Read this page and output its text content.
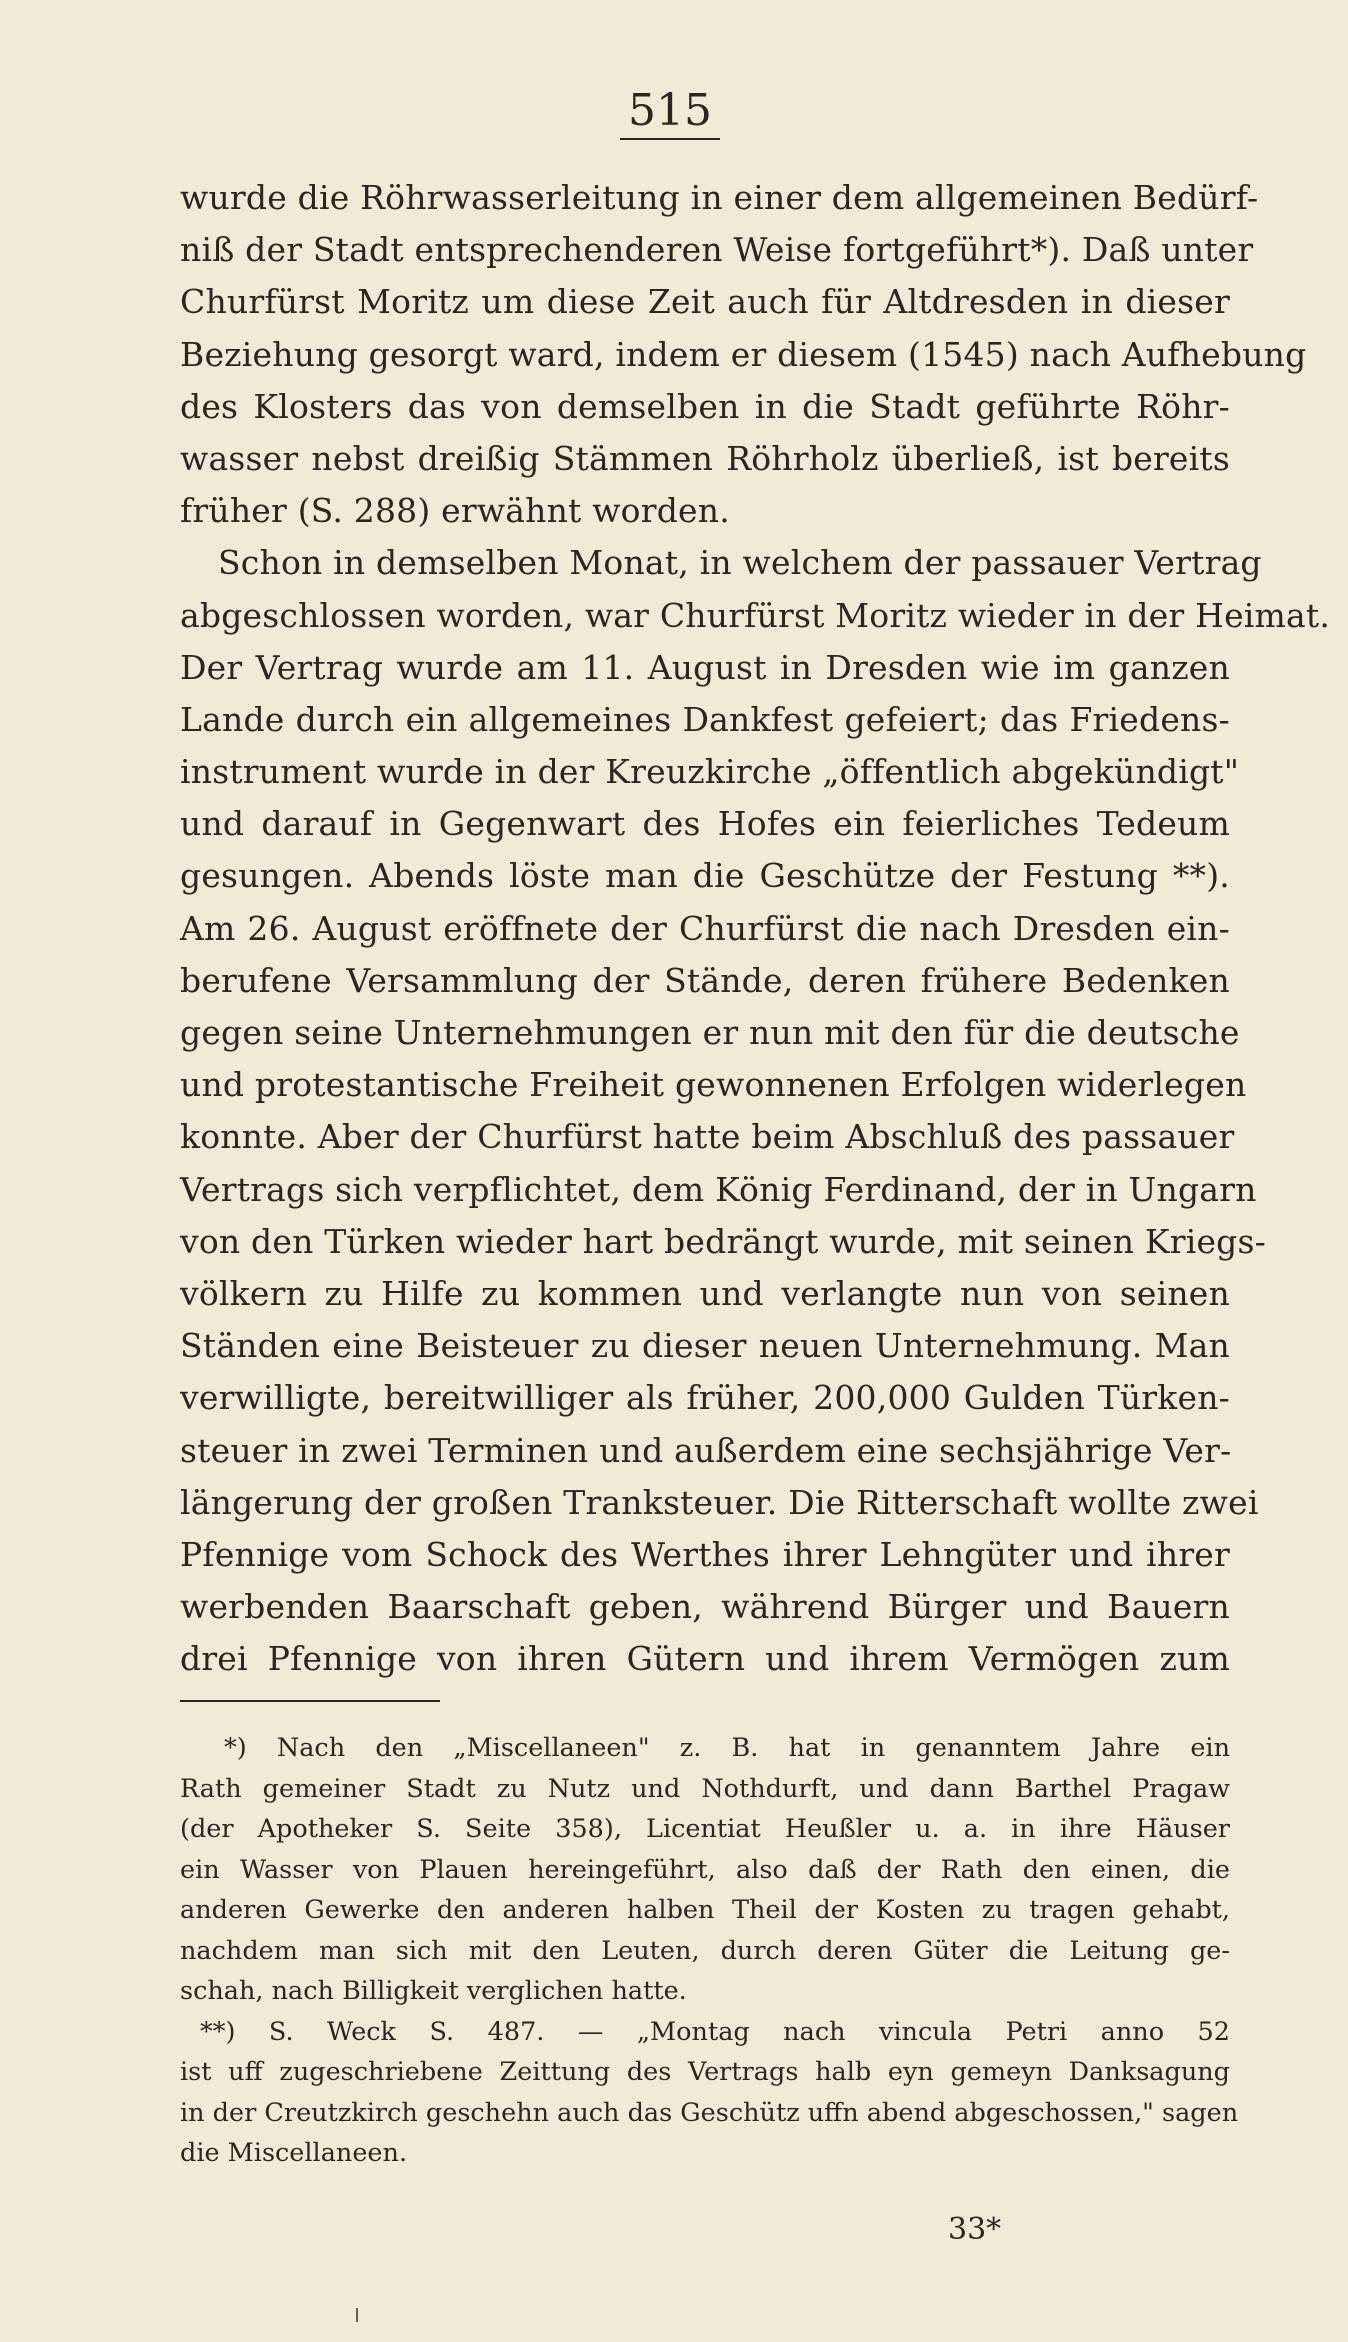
515
wurde die Röhrwasserleitung in einer dem allgemeinen Bedürf-
niß der Stadt entsprechenderen Weise fortgeführt*). Daß unter
Churfürst Moritz um diese Zeit auch für Altdresden in dieser
Beziehung gesorgt ward, indem er diesem (1545) nach Aufhebung
des Klosters das von demselben in die Stadt geführte Röhr-
wasser nebst dreißig Stämmen Röhrholz überließ, ist bereits
früher (S. 288) erwähnt worden.
Schon in demselben Monat, in welchem der passauer Vertrag
abgeschlossen worden, war Churfürst Moritz wieder in der Heimat.
Der Vertrag wurde am 11. August in Dresden wie im ganzen
Lande durch ein allgemeines Dankfest gefeiert; das Friedens-
instrument wurde in der Kreuzkirche „öffentlich abgekündigt"
und darauf in Gegenwart des Hofes ein feierliches Tedeum
gesungen. Abends löste man die Geschütze der Festung **).
Am 26. August eröffnete der Churfürst die nach Dresden ein-
berufene Versammlung der Stände, deren frühere Bedenken
gegen seine Unternehmungen er nun mit den für die deutsche
und protestantische Freiheit gewonnenen Erfolgen widerlegen
konnte. Aber der Churfürst hatte beim Abschluß des passauer
Vertrags sich verpflichtet, dem König Ferdinand, der in Ungarn
von den Türken wieder hart bedrängt wurde, mit seinen Kriegs-
völkern zu Hilfe zu kommen und verlangte nun von seinen
Ständen eine Beisteuer zu dieser neuen Unternehmung. Man
verwilligte, bereitwilliger als früher, 200,000 Gulden Türken-
steuer in zwei Terminen und außerdem eine sechsjährige Ver-
längerung der großen Tranksteuer. Die Ritterschaft wollte zwei
Pfennige vom Schock des Werthes ihrer Lehngüter und ihrer
werbenden Baarschaft geben, während Bürger und Bauern
drei Pfennige von ihren Gütern und ihrem Vermögen zum
*) Nach den „Miscellaneen" z. B. hat in genanntem Jahre ein
Rath gemeiner Stadt zu Nutz und Nothdurft, und dann Barthel Pragaw
(der Apotheker S. Seite 358), Licentiat Heußler u. a. in ihre Häuser
ein Wasser von Plauen hereingeführt, also daß der Rath den einen, die
anderen Gewerke den anderen halben Theil der Kosten zu tragen gehabt,
nachdem man sich mit den Leuten, durch deren Güter die Leitung ge-
schah, nach Billigkeit verglichen hatte.
**) S. Weck S. 487. — „Montag nach vincula Petri anno 52
ist uff zugeschriebene Zeittung des Vertrags halb eyn gemeyn Danksagung
in der Creutzkirch geschehn auch das Geschütz uffn abend abgeschossen," sagen
die Miscellaneen.
33*
